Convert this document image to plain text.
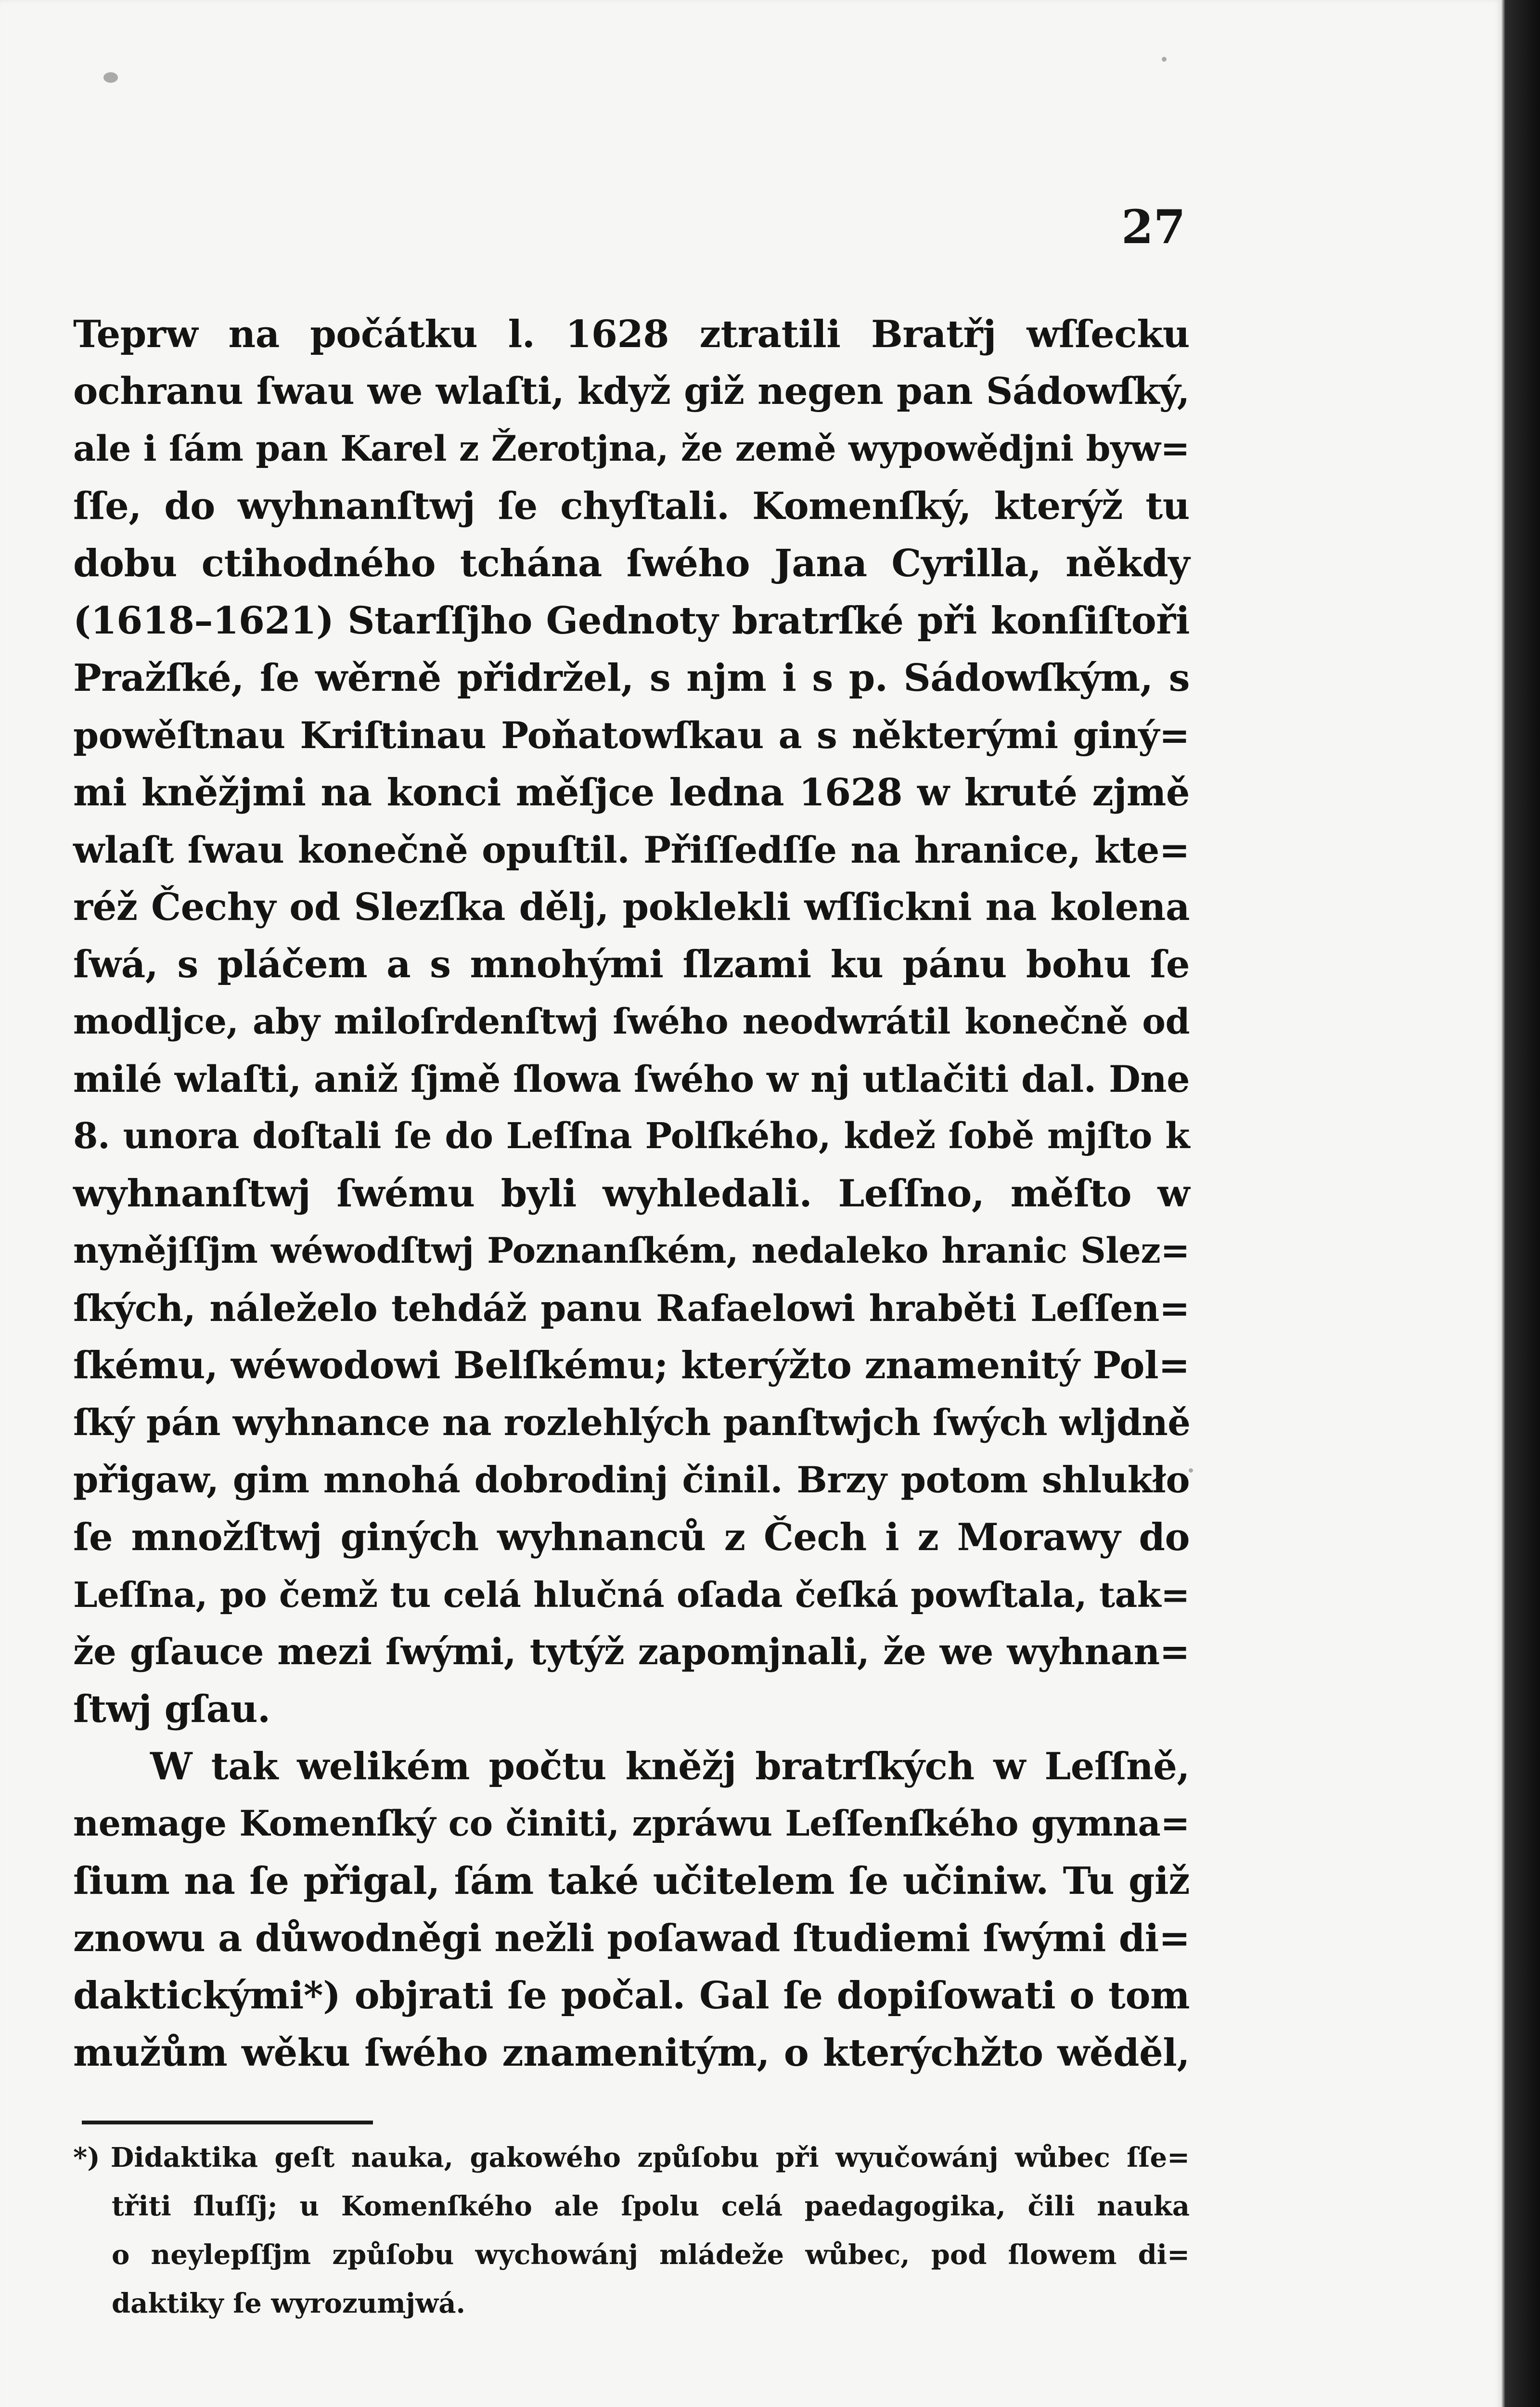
27
Teprw na počátku l. 1628 ztratili Bratřj wſſecku
ochranu ſwau we wlaſti, když giž negen pan Sádowſký,
ale i ſám pan Karel z Žerotjna, že země wypowědjni byw=
ſſe, do wyhnanſtwj ſe chyſtali. Komenſký, kterýž tu
dobu ctihodného tchána ſwého Jana Cyrilla, někdy
(1618–1621) Starſſjho Gednoty bratrſké při konſiſtoři
Pražſké, ſe wěrně přidržel, s njm i s p. Sádowſkým, s
powěſtnau Kriſtinau Poňatowſkau a s některými giný=
mi kněžjmi na konci měſjce ledna 1628 w kruté zjmě
wlaſt ſwau konečně opuſtil. Přiſſedſſe na hranice, kte=
réž Čechy od Slezſka dělj, poklekli wſſickni na kolena
ſwá, s pláčem a s mnohými ſlzami ku pánu bohu ſe
modljce, aby miloſrdenſtwj ſwého neodwrátil konečně od
milé wlaſti, aniž ſjmě ſlowa ſwého w nj utlačiti dal. Dne
8. unora doſtali ſe do Leſſna Polſkého, kdež ſobě mjſto k
wyhnanſtwj ſwému byli wyhledali. Leſſno, měſto w
nynějſſjm wéwodſtwj Poznanſkém, nedaleko hranic Slez=
ſkých, náleželo tehdáž panu Rafaelowi hraběti Leſſen=
ſkému, wéwodowi Belſkému; kterýžto znamenitý Pol=
ſký pán wyhnance na rozlehlých panſtwjch ſwých wljdně
přigaw, gim mnohá dobrodinj činil. Brzy potom shlukło
ſe množſtwj giných wyhnanců z Čech i z Morawy do
Leſſna, po čemž tu celá hlučná oſada čeſká powſtala, tak=
že gſauce mezi ſwými, tytýž zapomjnali, že we wyhnan=
ſtwj gſau.
W tak welikém počtu kněžj bratrſkých w Leſſně,
nemage Komenſký co činiti, zpráwu Leſſenſkého gymna=
ſium na ſe přigal, ſám také učitelem ſe učiniw. Tu giž
znowu a důwodněgi nežli poſawad ſtudiemi ſwými di=
daktickými*) objrati ſe počal. Gal ſe dopiſowati o tom
mužům wěku ſwého znamenitým, o kterýchžto wěděl,
*) Didaktika geſt nauka, gakowého způſobu při wyučowánj wůbec ſſe=
třiti ſluſſj; u Komenſkého ale ſpolu celá paedagogika, čili nauka
o neylepſſjm způſobu wychowánj mládeže wůbec, pod ſlowem di=
daktiky ſe wyrozumjwá.
